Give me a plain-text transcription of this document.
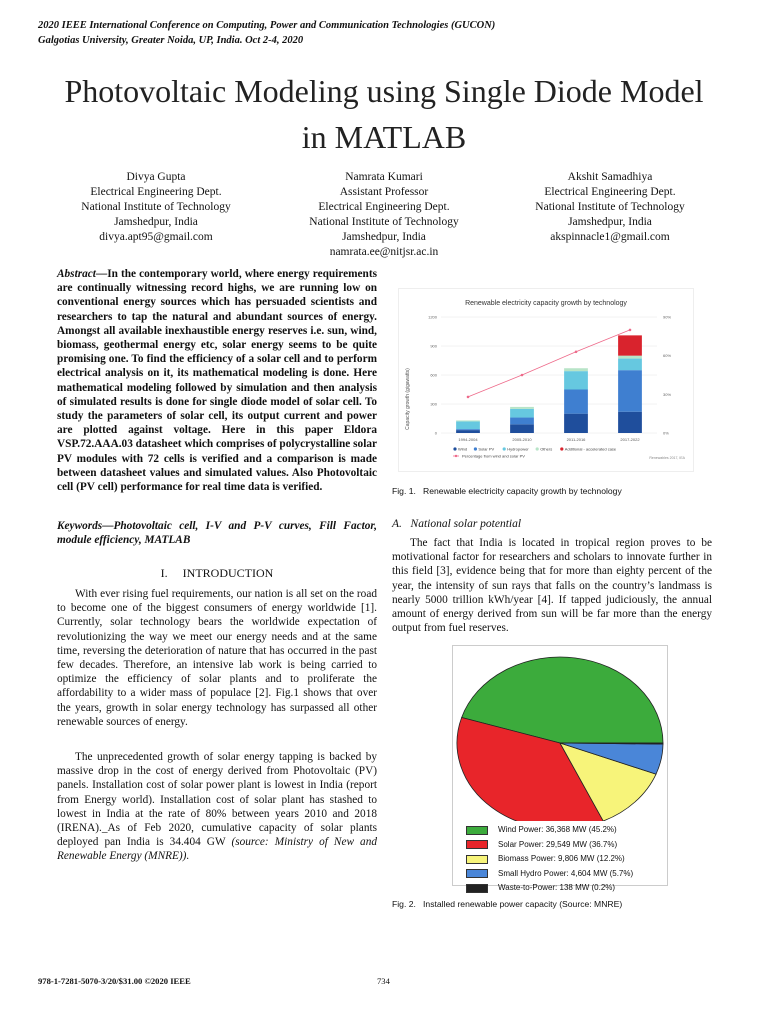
2020 IEEE International Conference on Computing, Power and Communication Technologies (GUCON)
Galgotias University, Greater Noida, UP, India. Oct 2-4, 2020
Photovoltaic Modeling using Single Diode Model
in MATLAB
Divya Gupta
Electrical Engineering Dept.
National Institute of Technology
Jamshedpur, India
divya.apt95@gmail.com
Namrata Kumari
Assistant Professor
Electrical Engineering Dept.
National Institute of Technology
Jamshedpur, India
namrata.ee@nitjsr.ac.in
Akshit Samadhiya
Electrical Engineering Dept.
National Institute of Technology
Jamshedpur, India
akspinnacle1@gmail.com
Abstract—In the contemporary world, where energy requirements are continually witnessing record highs, we are running low on conventional energy sources which has persuaded scientists and researchers to tap the natural and abundant sources of energy. Amongst all available inexhaustible energy reserves i.e. sun, wind, biomass, geothermal energy etc, solar energy seems to be quite promising one. To find the efficiency of a solar cell and to perform electrical analysis on it, its mathematical modeling is done. Here mathematical modeling followed by simulation and then analysis of simulated results is done for single diode model of solar cell. To study the parameters of solar cell, its output current and power are plotted against voltage. Here in this paper Eldora VSP.72.AAA.03 datasheet which comprises of polycrystalline solar PV modules with 72 cells is verified and a comparison is made between datasheet values and simulated values. Also Photovoltaic cell (PV cell) performance for real time data is verified.
Keywords—Photovoltaic cell, I-V and P-V curves, Fill Factor, module efficiency, MATLAB
I.     INTRODUCTION
With ever rising fuel requirements, our nation is all set on the road to become one of the biggest consumers of energy worldwide [1]. Currently, solar technology bears the worldwide expectation of revolutionizing the way we meet our energy needs and at the same time, reversing the deterioration of nature that has occurred in the past few decades. Therefore, an intensive lab work is being carried to optimize the efficiency of solar plants and to proliferate the affordability to a wider mass of populace [2]. Fig.1 shows that over the years, growth in solar energy technology has surpassed all other renewable sources of energy.
The unprecedented growth of solar energy tapping is backed by massive drop in the cost of energy derived from Photovoltaic (PV) panels. Installation cost of solar power plant is lowest in India (report from Energy world). Installation cost of solar plant has stashed to lowest in India at the rate of 80% between years 2010 and 2018 (IRENA)._As of Feb 2020, cumulative capacity of solar plants deployed pan India is 34.404 GW (source: Ministry of New and Renewable Energy (MNRE)).
Renewable electricity capacity growth by technology
Capacity growth (gigawatts)
Renewables 2017, IEA
0
300
600
900
1200
0%
30%
60%
90%
1994-2004	2005-2010	2011-2016	2017-2022
Wind	Solar PV	Hydropower	Others	Additional - accelerated case
Percentage from wind and solar PV
Fig. 1.   Renewable electricity capacity growth by technology
A.   National solar potential
The fact that India is located in tropical region proves to be motivational factor for researchers and scholars to innovate further in this field [3], evidence being that for more than eighty percent of the year, the intensity of sun rays that falls on the country’s landmass is nearly 5000 trillion kWh/year [4]. If tapped judiciously, the annual amount of energy derived from sun will be far more than the energy output from fuel reserves.
Wind Power: 36,368 MW (45.2%)
Solar Power: 29,549 MW (36.7%)
Biomass Power: 9,806 MW (12.2%)
Small Hydro Power: 4,604 MW (5.7%)
Waste-to-Power: 138 MW (0.2%)
Fig. 2.   Installed renewable power capacity (Source: MNRE)
978-1-7281-5070-3/20/$31.00 ©2020 IEEE	734
